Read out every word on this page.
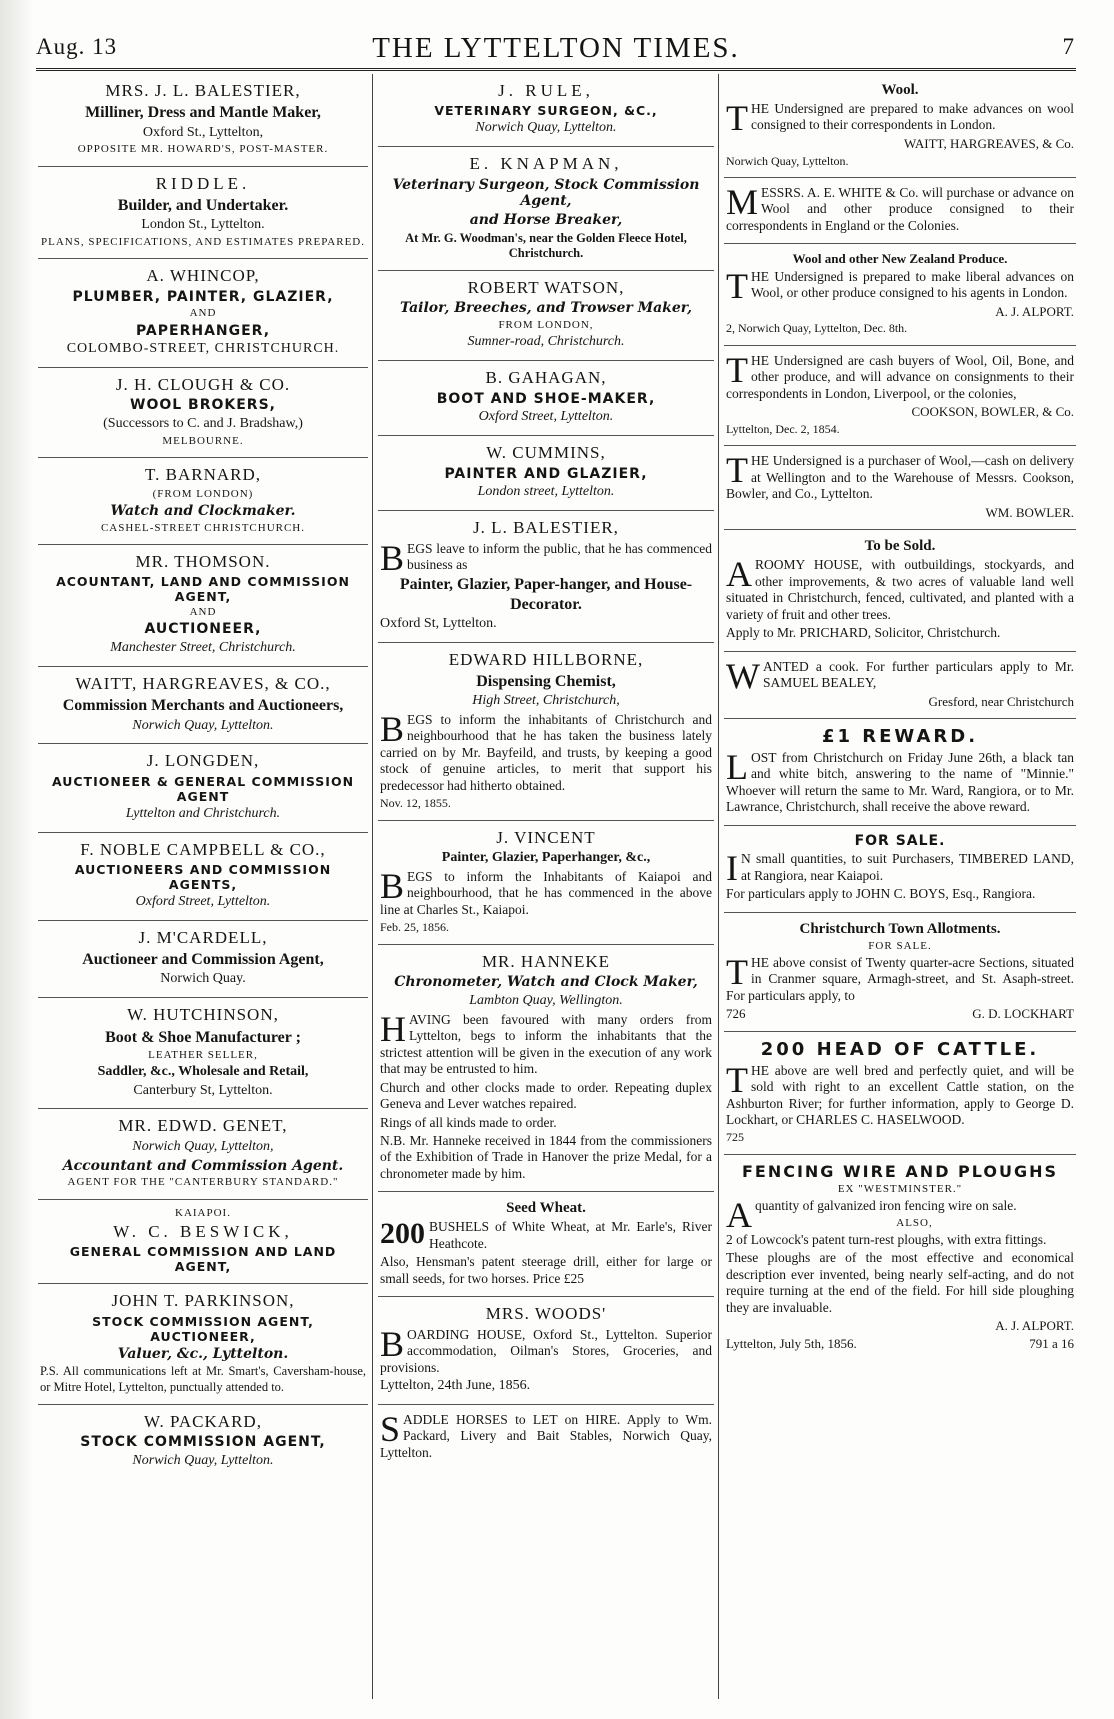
Aug. 13	THE LYTTELTON TIMES.	7

MRS. J. L. BALESTIER,

Milliner, Dress and Mantle Maker,

Oxford St., Lyttelton,

OPPOSITE MR. HOWARD'S, POST-MASTER.

RIDDLE.

Builder, and Undertaker.

London St., Lyttelton.

PLANS, SPECIFICATIONS, AND ESTIMATES PREPARED.

A. WHINCOP,

PLUMBER, PAINTER, GLAZIER,

AND

PAPERHANGER,

COLOMBO-STREET, CHRISTCHURCH.

J. H. CLOUGH & CO.

WOOL BROKERS,

(Successors to C. and J. Bradshaw,)

MELBOURNE.

T. BARNARD,

(FROM LONDON)

Watch and Clockmaker.

CASHEL-STREET CHRISTCHURCH.

MR. THOMSON.

ACOUNTANT, LAND AND COMMISSION AGENT,

AND

AUCTIONEER,

Manchester Street, Christchurch.

WAITT, HARGREAVES, & CO.,

Commission Merchants and Auctioneers,

Norwich Quay, Lyttelton.

J. LONGDEN,

AUCTIONEER & GENERAL COMMISSION AGENT

Lyttelton and Christchurch.

F. NOBLE CAMPBELL & CO.,

AUCTIONEERS AND COMMISSION AGENTS,

Oxford Street, Lyttelton.

J. M'CARDELL,

Auctioneer and Commission Agent,

Norwich Quay.

W. HUTCHINSON,

Boot & Shoe Manufacturer ;

LEATHER SELLER,

Saddler, &c., Wholesale and Retail,

Canterbury St, Lyttelton.

MR. EDWD. GENET,

Norwich Quay, Lyttelton,

Accountant and Commission Agent.

AGENT FOR THE "CANTERBURY STANDARD."

KAIAPOI.

W. C. BESWICK,

GENERAL COMMISSION AND LAND AGENT,

JOHN T. PARKINSON,

STOCK COMMISSION AGENT, AUCTIONEER,

Valuer, &c., Lyttelton.

P.S. All communications left at Mr. Smart's, Caversham-house, or Mitre Hotel, Lyttelton, punctually attended to.

W. PACKARD,

STOCK COMMISSION AGENT,

Norwich Quay, Lyttelton.

J. RULE,

VETERINARY SURGEON, &C.,

Norwich Quay, Lyttelton.

E. KNAPMAN,

Veterinary Surgeon, Stock Commission Agent,

and Horse Breaker,

At Mr. G. Woodman's, near the Golden Fleece Hotel, Christchurch.

ROBERT WATSON,

Tailor, Breeches, and Trowser Maker,

FROM LONDON,

Sumner-road, Christchurch.

B. GAHAGAN,

BOOT AND SHOE-MAKER,

Oxford Street, Lyttelton.

W. CUMMINS,

PAINTER AND GLAZIER,

London street, Lyttelton.

J. L. BALESTIER,

BEGS leave to inform the public, that he has commenced business as

Painter, Glazier, Paper-hanger, and House-Decorator.

Oxford St, Lyttelton.

EDWARD HILLBORNE,

Dispensing Chemist,

High Street, Christchurch,

BEGS to inform the inhabitants of Christchurch and neighbourhood that he has taken the business lately carried on by Mr. Bayfeild, and trusts, by keeping a good stock of genuine articles, to merit that support his predecessor had hitherto obtained.

Nov. 12, 1855.

J. VINCENT

Painter, Glazier, Paperhanger, &c.,

BEGS to inform the Inhabitants of Kaiapoi and neighbourhood, that he has commenced in the above line at Charles St., Kaiapoi.

Feb. 25, 1856.

MR. HANNEKE

Chronometer, Watch and Clock Maker,

Lambton Quay, Wellington.

HAVING been favoured with many orders from Lyttelton, begs to inform the inhabitants that the strictest attention will be given in the execution of any work that may be entrusted to him.

Church and other clocks made to order. Repeating duplex Geneva and Lever watches repaired.

Rings of all kinds made to order.

N.B. Mr. Hanneke received in 1844 from the commissioners of the Exhibition of Trade in Hanover the prize Medal, for a chronometer made by him.

Seed Wheat.

200 BUSHELS of White Wheat, at Mr. Earle's, River Heathcote.

Also, Hensman's patent steerage drill, either for large or small seeds, for two horses. Price £25

MRS. WOODS'

BOARDING HOUSE, Oxford St., Lyttelton. Superior accommodation, Oilman's Stores, Groceries, and provisions.

Lyttelton, 24th June, 1856.

SADDLE HORSES to LET on HIRE. Apply to Wm. Packard, Livery and Bait Stables, Norwich Quay, Lyttelton.

Wool.

THE Undersigned are prepared to make advances on wool consigned to their correspondents in London.

WAITT, HARGREAVES, & Co.

Norwich Quay, Lyttelton.

MESSRS. A. E. WHITE & Co. will purchase or advance on Wool and other produce consigned to their correspondents in England or the Colonies.

Wool and other New Zealand Produce.

THE Undersigned is prepared to make liberal advances on Wool, or other produce consigned to his agents in London.

A. J. ALPORT.

2, Norwich Quay, Lyttelton, Dec. 8th.

THE Undersigned are cash buyers of Wool, Oil, Bone, and other produce, and will advance on consignments to their correspondents in London, Liverpool, or the colonies,

COOKSON, BOWLER, & Co.

Lyttelton, Dec. 2, 1854.

THE Undersigned is a purchaser of Wool,—cash on delivery at Wellington and to the Warehouse of Messrs. Cookson, Bowler, and Co., Lyttelton.

WM. BOWLER.

To be Sold.

AROOMY HOUSE, with outbuildings, stockyards, and other improvements, & two acres of valuable land well situated in Christchurch, fenced, cultivated, and planted with a variety of fruit and other trees.

Apply to Mr. PRICHARD, Solicitor, Christchurch.

WANTED a cook. For further particulars apply to Mr. SAMUEL BEALEY,

Gresford, near Christchurch

£1 REWARD.

LOST from Christchurch on Friday June 26th, a black tan and white bitch, answering to the name of "Minnie." Whoever will return the same to Mr. Ward, Rangiora, or to Mr. Lawrance, Christchurch, shall receive the above reward.

FOR SALE.

IN small quantities, to suit Purchasers, TIMBERED LAND, at Rangiora, near Kaiapoi.

For particulars apply to JOHN C. BOYS, Esq., Rangiora.

Christchurch Town Allotments.

FOR SALE.

THE above consist of Twenty quarter-acre Sections, situated in Cranmer square, Armagh-street, and St. Asaph-street. For particulars apply, to

726	G. D. LOCKHART

200 HEAD OF CATTLE.

THE above are well bred and perfectly quiet, and will be sold with right to an excellent Cattle station, on the Ashburton River; for further information, apply to George D. Lockhart, or CHARLES C. HASELWOOD.

725

FENCING WIRE AND PLOUGHS

EX "WESTMINSTER."

Aquantity of galvanized iron fencing wire on sale.

ALSO,

2 of Lowcock's patent turn-rest ploughs, with extra fittings.

These ploughs are of the most effective and economical description ever invented, being nearly self-acting, and do not require turning at the end of the field. For hill side ploughing they are invaluable.

A. J. ALPORT.

Lyttelton, July 5th, 1856.	791 a 16
